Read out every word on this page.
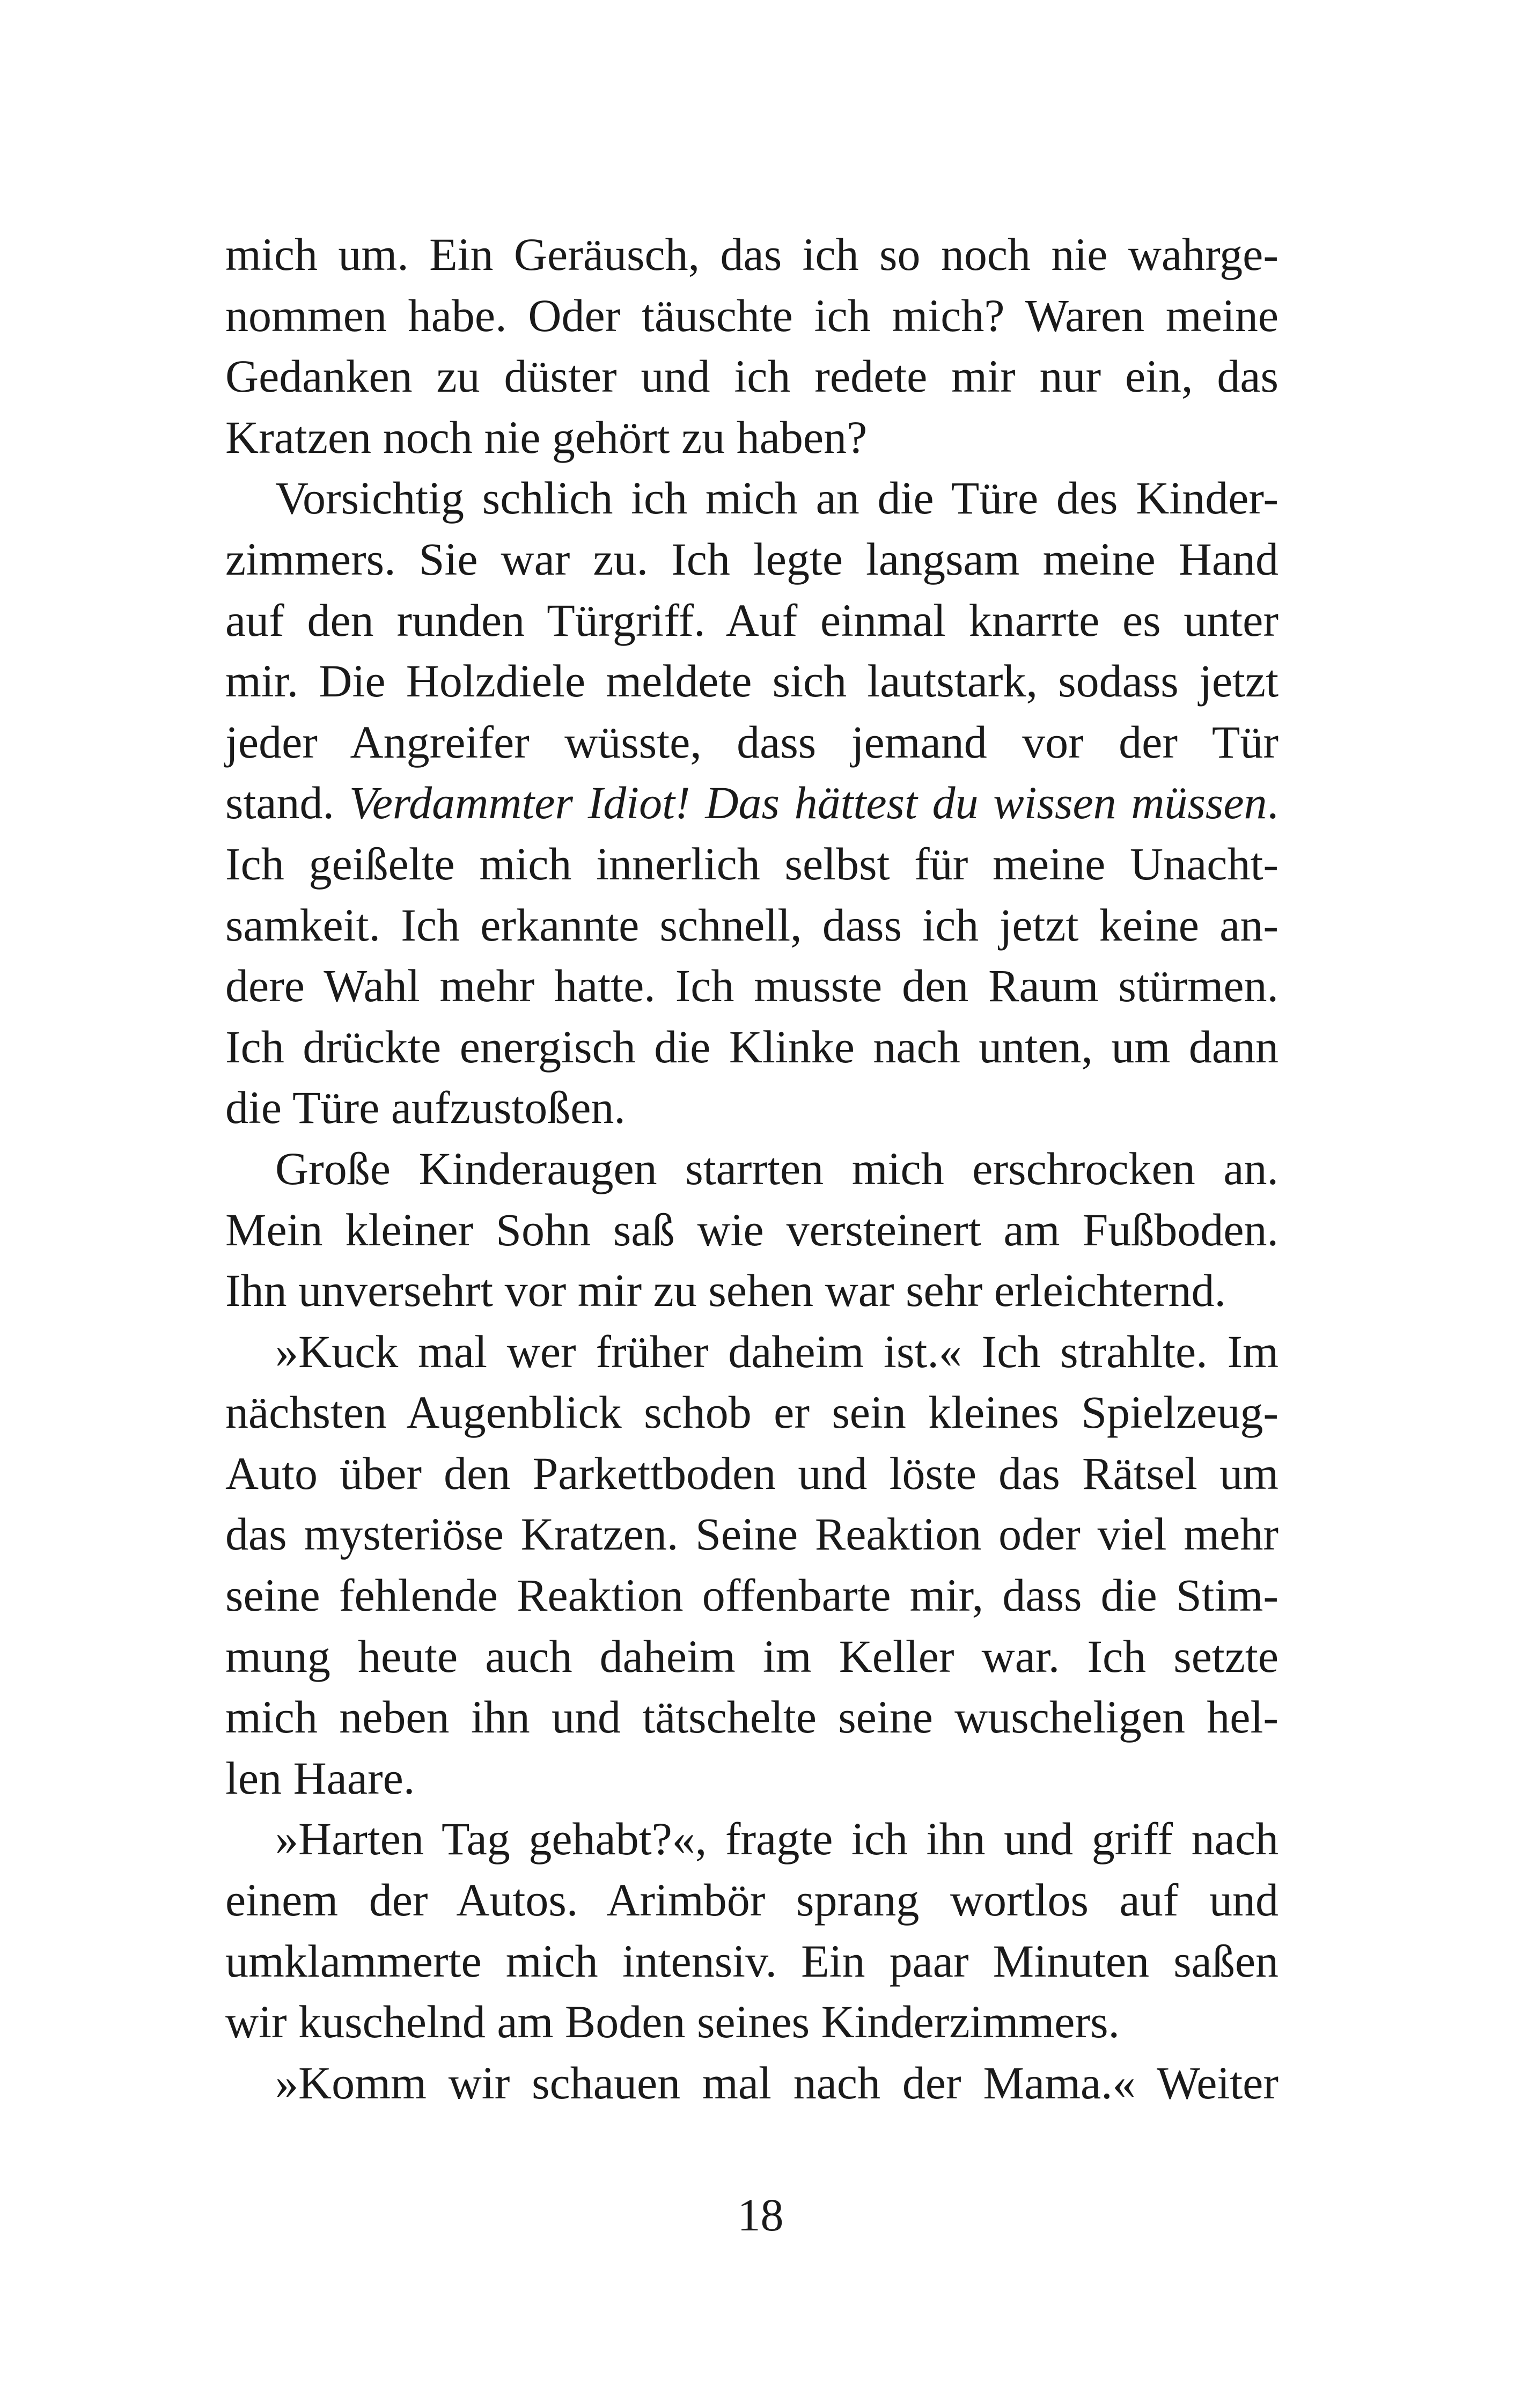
mich um. Ein Geräusch, das ich so noch nie wahrge-
nommen habe. Oder täuschte ich mich? Waren meine
Gedanken zu düster und ich redete mir nur ein, das
Kratzen noch nie gehört zu haben?
Vorsichtig schlich ich mich an die Türe des Kinder-
zimmers. Sie war zu. Ich legte langsam meine Hand
auf den runden Türgriff. Auf einmal knarrte es unter
mir. Die Holzdiele meldete sich lautstark, sodass jetzt
jeder Angreifer wüsste, dass jemand vor der Tür
stand. Verdammter Idiot! Das hättest du wissen müssen.
Ich geißelte mich innerlich selbst für meine Unacht-
samkeit. Ich erkannte schnell, dass ich jetzt keine an-
dere Wahl mehr hatte. Ich musste den Raum stürmen.
Ich drückte energisch die Klinke nach unten, um dann
die Türe aufzustoßen.
Große Kinderaugen starrten mich erschrocken an.
Mein kleiner Sohn saß wie versteinert am Fußboden.
Ihn unversehrt vor mir zu sehen war sehr erleichternd.
»Kuck mal wer früher daheim ist.« Ich strahlte. Im
nächsten Augenblick schob er sein kleines Spielzeug-
Auto über den Parkettboden und löste das Rätsel um
das mysteriöse Kratzen. Seine Reaktion oder viel mehr
seine fehlende Reaktion offenbarte mir, dass die Stim-
mung heute auch daheim im Keller war. Ich setzte
mich neben ihn und tätschelte seine wuscheligen hel-
len Haare.
»Harten Tag gehabt?«, fragte ich ihn und griff nach
einem der Autos. Arimbör sprang wortlos auf und
umklammerte mich intensiv. Ein paar Minuten saßen
wir kuschelnd am Boden seines Kinderzimmers.
»Komm wir schauen mal nach der Mama.« Weiter
18
